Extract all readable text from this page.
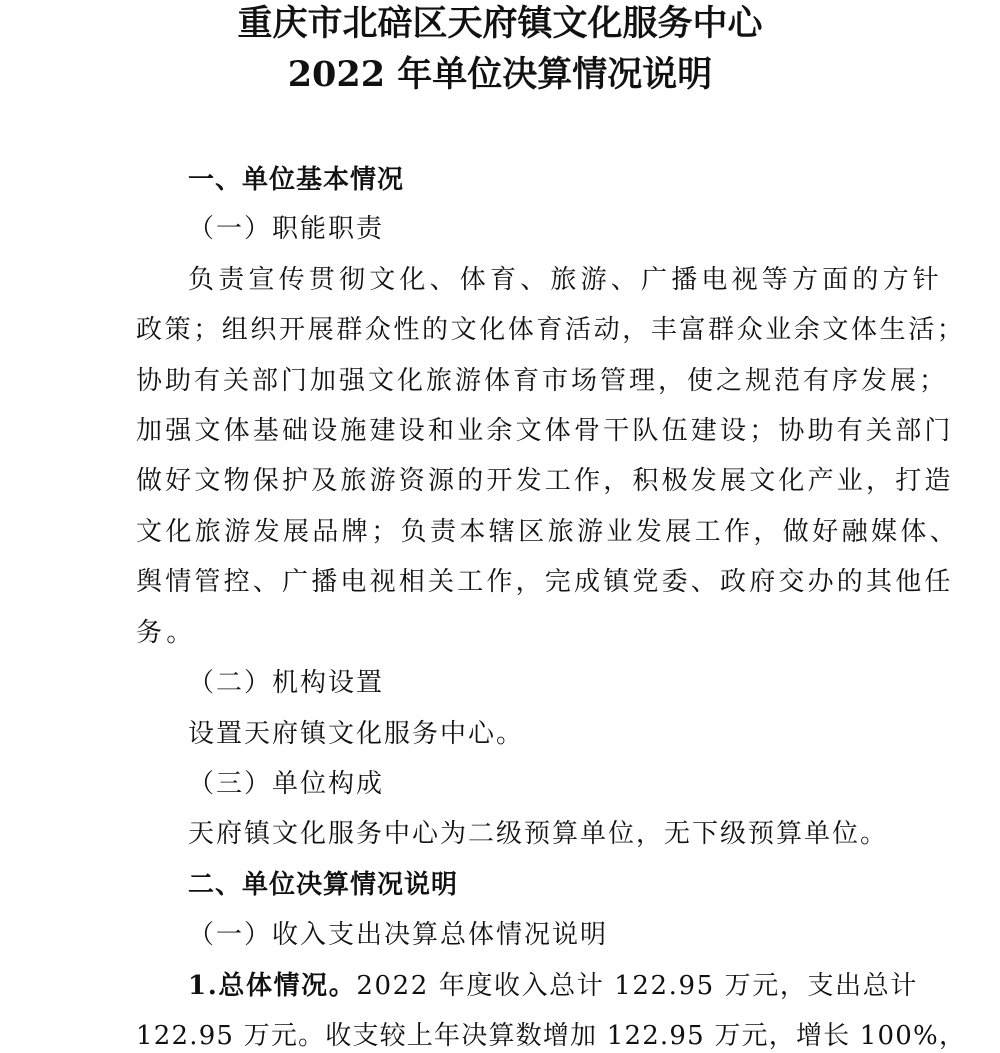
重庆市北碚区天府镇文化服务中心
2022 年单位决算情况说明
一、单位基本情况
（一）职能职责
负责宣传贯彻文化、体育、旅游、广播电视等方面的方针
政策；组织开展群众性的文化体育活动，丰富群众业余文体生活；
协助有关部门加强文化旅游体育市场管理，使之规范有序发展；
加强文体基础设施建设和业余文体骨干队伍建设；协助有关部门
做好文物保护及旅游资源的开发工作，积极发展文化产业，打造
文化旅游发展品牌；负责本辖区旅游业发展工作，做好融媒体、
舆情管控、广播电视相关工作，完成镇党委、政府交办的其他任
务。
（二）机构设置
设置天府镇文化服务中心。
（三）单位构成
天府镇文化服务中心为二级预算单位，无下级预算单位。
二、单位决算情况说明
（一）收入支出决算总体情况说明
1.总体情况。2022 年度收入总计 122.95 万元，支出总计
122.95 万元。收支较上年决算数增加 122.95 万元，增长 100%，
